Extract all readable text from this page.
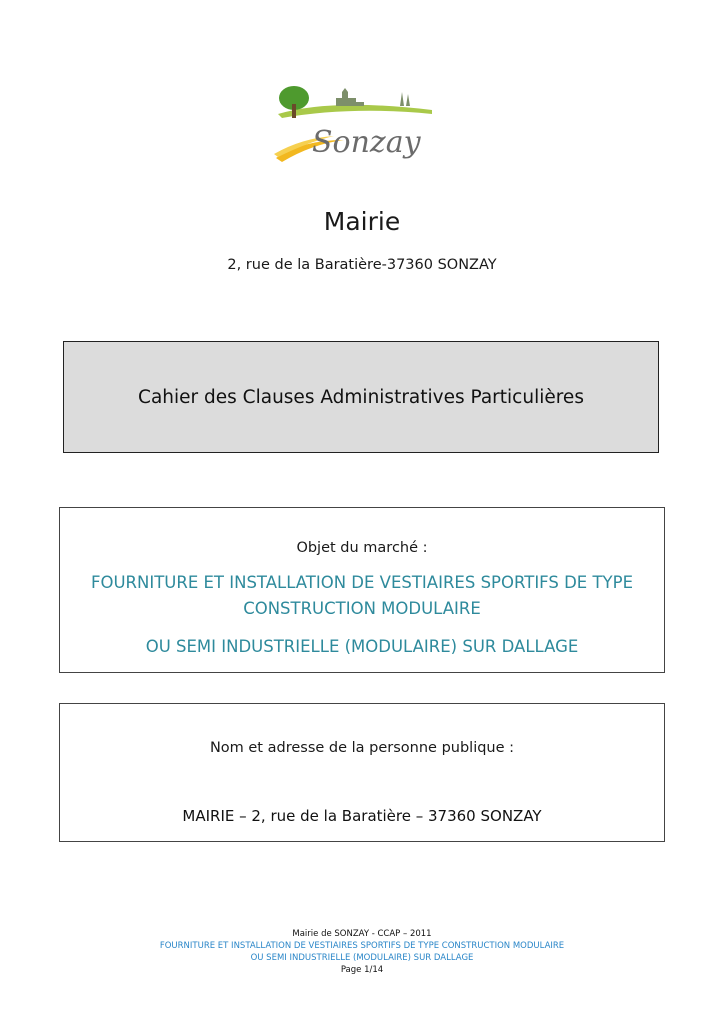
Sonzay
Mairie
2, rue de la Baratière-37360 SONZAY
Cahier des Clauses Administratives Particulières
Objet du marché :
FOURNITURE ET INSTALLATION DE VESTIAIRES SPORTIFS DE TYPE
CONSTRUCTION MODULAIRE
OU SEMI INDUSTRIELLE (MODULAIRE) SUR DALLAGE
Nom et adresse de la personne publique :
MAIRIE – 2, rue de la Baratière – 37360 SONZAY
Mairie de SONZAY - CCAP – 2011
FOURNITURE ET INSTALLATION DE VESTIAIRES SPORTIFS DE TYPE CONSTRUCTION MODULAIRE
OU SEMI INDUSTRIELLE (MODULAIRE) SUR DALLAGE
Page 1/14
